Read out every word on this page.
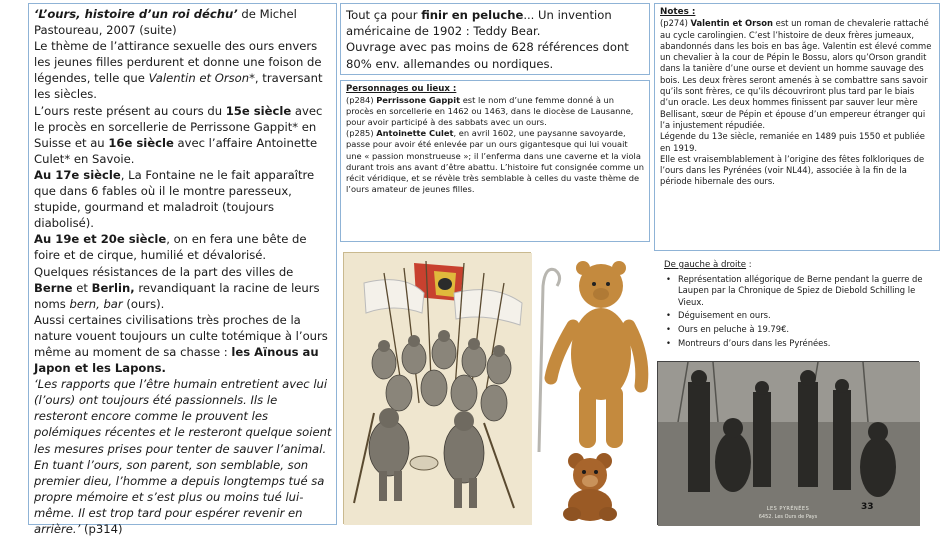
‘L’ours, histoire d’un roi déchu’ de Michel Pastoureau, 2007 (suite)

Le thème de l’attirance sexuelle des ours envers les jeunes filles perdurent et donne une foison de légendes, telle que Valentin et Orson*, traversant les siècles.

L’ours reste présent au cours du 15e siècle avec le procès en sorcellerie de Perrissone Gappit* en Suisse et au 16e siècle avec l’affaire Antoinette Culet* en Savoie.

Au 17e siècle, La Fontaine ne le fait apparaître que dans 6 fables où il le montre paresseux, stupide, gourmand et maladroit (toujours diabolisé).

Au 19e et 20e siècle, on en fera une bête de foire et de cirque, humilié et dévalorisé.

Quelques résistances de la part des villes de Berne et Berlin, revandiquant la racine de leurs noms bern, bar (ours).

Aussi certaines civilisations très proches de la nature vouent toujours un culte totémique à l’ours même au moment de sa chasse : les Aïnous au Japon et les Lapons.

‘Les rapports que l’être humain entretient avec lui (l’ours) ont toujours été passionnels. Ils le resteront encore comme le prouvent les polémiques récentes et le resteront quelque soient les mesures prises pour tenter de sauver l’animal. En tuant l’ours, son parent, son semblable, son premier dieu, l’homme a depuis longtemps tué sa propre mémoire et s’est plus ou moins tué lui-même. Il est trop tard pour espérer revenir en arrière.’ (p314)

Tout ça pour finir en peluche... Un invention américaine de 1902 : Teddy Bear.

Ouvrage avec pas moins de 628 références dont 80% env. allemandes ou nordiques.

Personnages ou lieux :

(p284) Perrissone Gappit est le nom d’une femme donné à un procès en sorcellerie en 1462 ou 1463, dans le diocèse de Lausanne, pour avoir participé à des sabbats avec un ours.

(p285) Antoinette Culet, en avril 1602, une paysanne savoyarde, passe pour avoir été enlevée par un ours gigantesque qui lui vouait une « passion monstrueuse »; il l’enferma dans une caverne et la viola durant trois ans avant d’être abattu. L’histoire fut consignée comme un récit véridique, et se révèle très semblable à celles du vaste thème de l’ours amateur de jeunes filles.

Notes :

(p274) Valentin et Orson est un roman de chevalerie rattaché au cycle carolingien. C’est l’histoire de deux frères jumeaux, abandonnés dans les bois en bas âge. Valentin est élevé comme un chevalier à la cour de Pépin le Bossu, alors qu’Orson grandit dans la tanière d’une ourse et devient un homme sauvage des bois. Les deux frères seront amenés à se combattre sans savoir qu’ils sont frères, ce qu’ils découvriront plus tard par le biais d’un oracle. Les deux hommes finissent par sauver leur mère Bellisant, sœur de Pépin et épouse d’un empereur étranger qui l’a injustement répudiée.

Légende du 13e siècle, remaniée en 1489 puis 1550 et publiée en 1919.

Elle est vraisemblablement à l’origine des fêtes folkloriques de l’ours dans les Pyrénées (voir NL44), associée à la fin de la période hibernale des ours.

De gauche à droite :

• Représentation allégorique de Berne pendant la guerre de Laupen par la Chronique de Spiez de Diebold Schilling le Vieux.
• Déguisement en ours.
• Ours en peluche à 19.79€.
• Montreurs d’ours dans les Pyrénées.
LES PYRÉNÉES
6452. Les Ours de Pays
33
